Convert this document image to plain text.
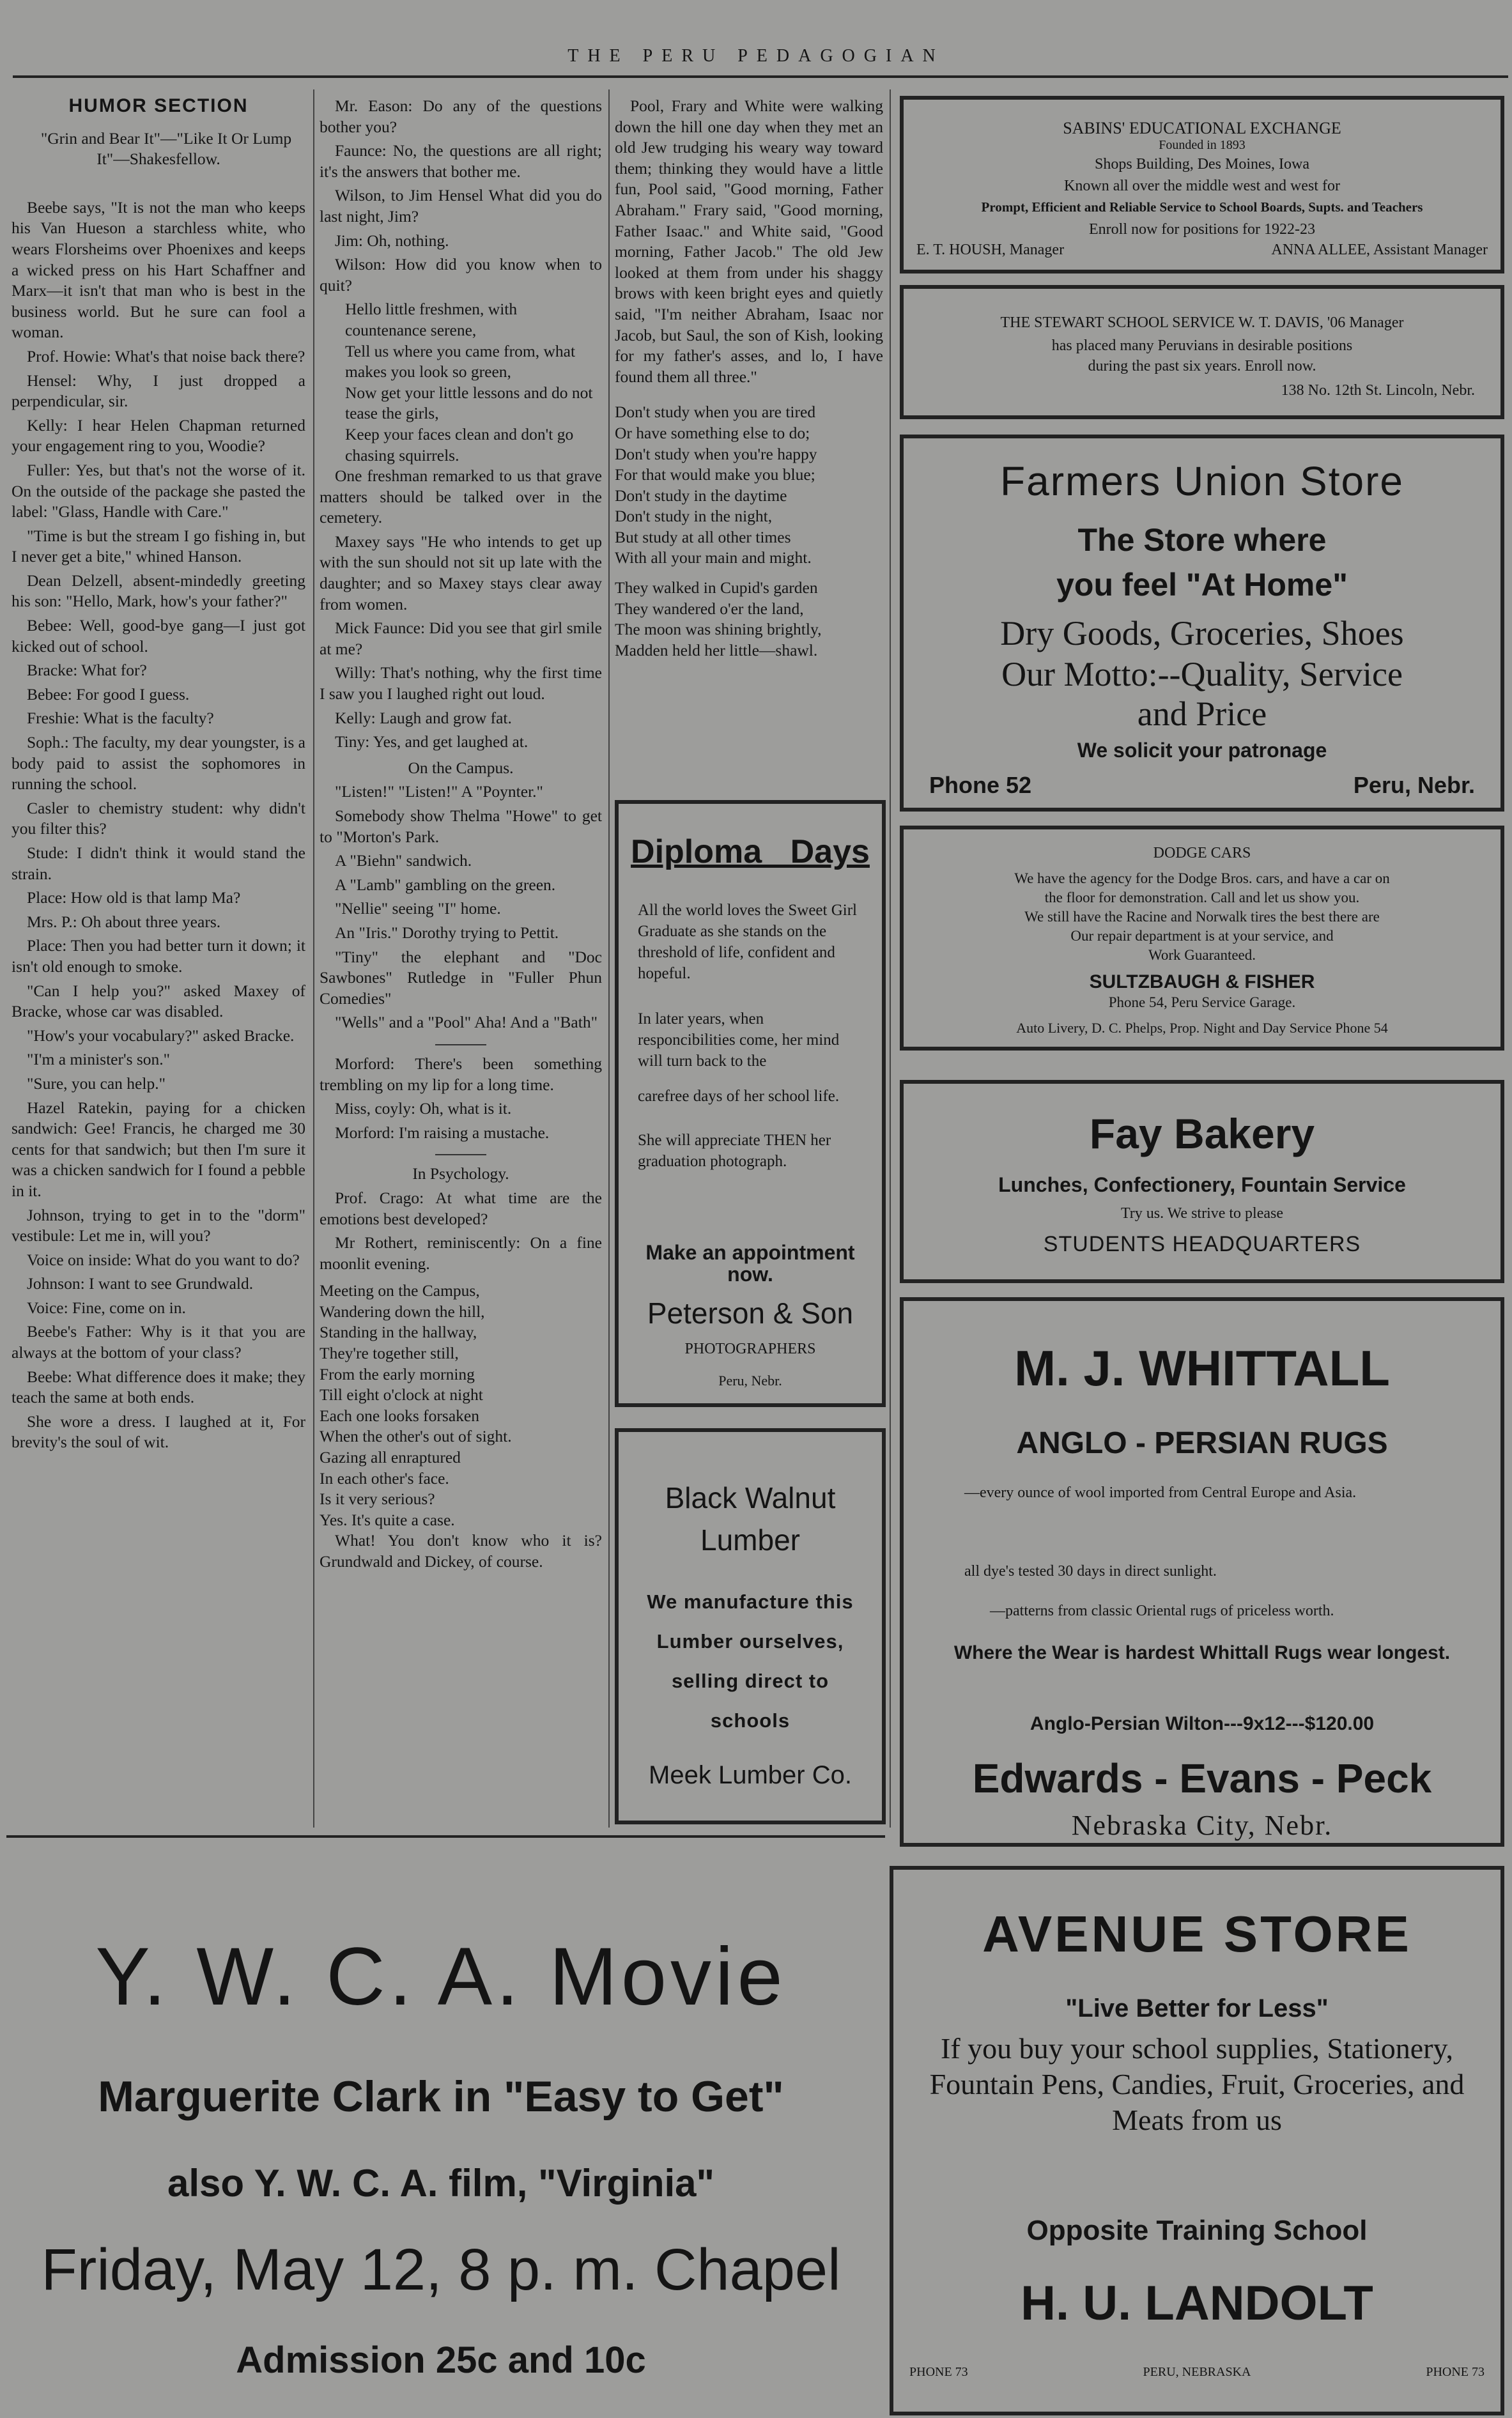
THE PERU PEDAGOGIAN
HUMOR SECTION

"Grin and Bear It"—"Like It Or Lump It"—Shakesfellow.

Beebe says, "It is not the man who keeps his Van Hueson a starchless white, who wears Florsheims over Phoenixes and keeps a wicked press on his Hart Schaffner and Marx—it isn't that man who is best in the business world. But he sure can fool a woman.

Prof. Howie: What's that noise back there?

Hensel: Why, I just dropped a perpendicular, sir.

Kelly: I hear Helen Chapman returned your engagement ring to you, Woodie?

Fuller: Yes, but that's not the worse of it. On the outside of the package she pasted the label: "Glass, Handle with Care."

"Time is but the stream I go fishing in, but I never get a bite," whined Hanson.

Dean Delzell, absent-mindedly greeting his son: "Hello, Mark, how's your father?"

Bebee: Well, good-bye gang—I just got kicked out of school.

Bracke: What for?

Bebee: For good I guess.

Freshie: What is the faculty?

Soph.: The faculty, my dear youngster, is a body paid to assist the sophomores in running the school.

Casler to chemistry student: why didn't you filter this?

Stude: I didn't think it would stand the strain.

Place: How old is that lamp Ma?

Mrs. P.: Oh about three years.

Place: Then you had better turn it down; it isn't old enough to smoke.

"Can I help you?" asked Maxey of Bracke, whose car was disabled.

"How's your vocabulary?" asked Bracke.

"I'm a minister's son."

"Sure, you can help."

Hazel Ratekin, paying for a chicken sandwich: Gee! Francis, he charged me 30 cents for that sandwich; but then I'm sure it was a chicken sandwich for I found a pebble in it.

Johnson, trying to get in to the "dorm" vestibule: Let me in, will you?

Voice on inside: What do you want to do?

Johnson: I want to see Grundwald.

Voice: Fine, come on in.

Beebe's Father: Why is it that you are always at the bottom of your class?

Beebe: What difference does it make; they teach the same at both ends.

She wore a dress. I laughed at it, For brevity's the soul of wit.

Mr. Eason: Do any of the questions bother you?

Faunce: No, the questions are all right; it's the answers that bother me.

Wilson, to Jim Hensel What did you do last night, Jim?

Jim: Oh, nothing.

Wilson: How did you know when to quit?

Hello little freshmen, with countenance serene,

Tell us where you came from, what makes you look so green,

Now get your little lessons and do not tease the girls,

Keep your faces clean and don't go chasing squirrels.

One freshman remarked to us that grave matters should be talked over in the cemetery.

Maxey says "He who intends to get up with the sun should not sit up late with the daughter; and so Maxey stays clear away from women.

Mick Faunce: Did you see that girl smile at me?

Willy: That's nothing, why the first time I saw you I laughed right out loud.

Kelly: Laugh and grow fat.

Tiny: Yes, and get laughed at.

On the Campus.

"Listen!" "Listen!" A "Poynter."

Somebody show Thelma "Howe" to get to "Morton's Park.

A "Biehn" sandwich.

A "Lamb" gambling on the green.

"Nellie" seeing "I" home.

An "Iris." Dorothy trying to Pettit.

"Tiny" the elephant and "Doc Sawbones" Rutledge in "Fuller Phun Comedies"

"Wells" and a "Pool" Aha! And a "Bath"

Morford: There's been something trembling on my lip for a long time.

Miss, coyly: Oh, what is it.

Morford: I'm raising a mustache.

In Psychology.

Prof. Crago: At what time are the emotions best developed?

Mr Rothert, reminiscently: On a fine moonlit evening.

Meeting on the Campus,

Wandering down the hill,

Standing in the hallway,

They're together still,

From the early morning

Till eight o'clock at night

Each one looks forsaken

When the other's out of sight.

Gazing all enraptured

In each other's face.

Is it very serious?

Yes. It's quite a case.

What! You don't know who it is? Grundwald and Dickey, of course.

Pool, Frary and White were walking down the hill one day when they met an old Jew trudging his weary way toward them; thinking they would have a little fun, Pool said, "Good morning, Father Abraham." Frary said, "Good morning, Father Isaac." and White said, "Good morning, Father Jacob." The old Jew looked at them from under his shaggy brows with keen bright eyes and quietly said, "I'm neither Abraham, Isaac nor Jacob, but Saul, the son of Kish, looking for my father's asses, and lo, I have found them all three."

Don't study when you are tired

Or have something else to do;

Don't study when you're happy

For that would make you blue;

Don't study in the daytime

Don't study in the night,

But study at all other times

With all your main and might.

They walked in Cupid's garden

They wandered o'er the land,

The moon was shining brightly,

Madden held her little—shawl.

Diploma Days
All the world loves the Sweet Girl Graduate as she stands on the threshold of life, confident and hopeful.
In later years, when responcibilities come, her mind will turn back to the
carefree days of her school life.
She will appreciate THEN her graduation photograph.
Make an appointment now.
Peterson & Son
PHOTOGRAPHERS
Peru, Nebr.
Black Walnut Lumber
We manufacture this Lumber ourselves, selling direct to schools
Meek Lumber Co.
Y. W. C. A. Movie
Marguerite Clark in "Easy to Get"
also Y. W. C. A. film, "Virginia"
Friday, May 12, 8 p. m. Chapel
Admission 25c and 10c
SABINS' EDUCATIONAL EXCHANGE
Founded in 1893
Shops Building, Des Moines, Iowa
Known all over the middle west and west for
Prompt, Efficient and Reliable Service to School Boards, Supts. and Teachers
Enroll now for positions for 1922-23
E. T. HOUSH, Manager	ANNA ALLEE, Assistant Manager
THE STEWART SCHOOL SERVICE W. T. DAVIS, '06 Manager
has placed many Peruvians in desirable positions
during the past six years. Enroll now.
138 No. 12th St. Lincoln, Nebr.
Farmers Union Store
The Store where
you feel "At Home"
Dry Goods, Groceries, Shoes
Our Motto:--Quality, Service
and Price
We solicit your patronage
Phone 52	Peru, Nebr.
DODGE CARS
We have the agency for the Dodge Bros. cars, and have a car on
the floor for demonstration. Call and let us show you.
We still have the Racine and Norwalk tires the best there are
Our repair department is at your service, and
Work Guaranteed.
SULTZBAUGH & FISHER
Phone 54, Peru Service Garage.
Auto Livery, D. C. Phelps, Prop. Night and Day Service Phone 54
Fay Bakery
Lunches, Confectionery, Fountain Service
Try us. We strive to please
STUDENTS HEADQUARTERS
M. J. WHITTALL
ANGLO - PERSIAN RUGS
—every ounce of wool imported from Central Europe and Asia.
all dye's tested 30 days in direct sunlight.
—patterns from classic Oriental rugs of priceless worth.
Where the Wear is hardest Whittall Rugs wear longest.
Anglo-Persian Wilton---9x12---$120.00
Edwards - Evans - Peck
Nebraska City, Nebr.
AVENUE STORE
"Live Better for Less"
If you buy your school supplies, Stationery, Fountain Pens, Candies, Fruit, Groceries, and Meats from us
Opposite Training School
H. U. LANDOLT
PHONE 73	PERU, NEBRASKA	PHONE 73
